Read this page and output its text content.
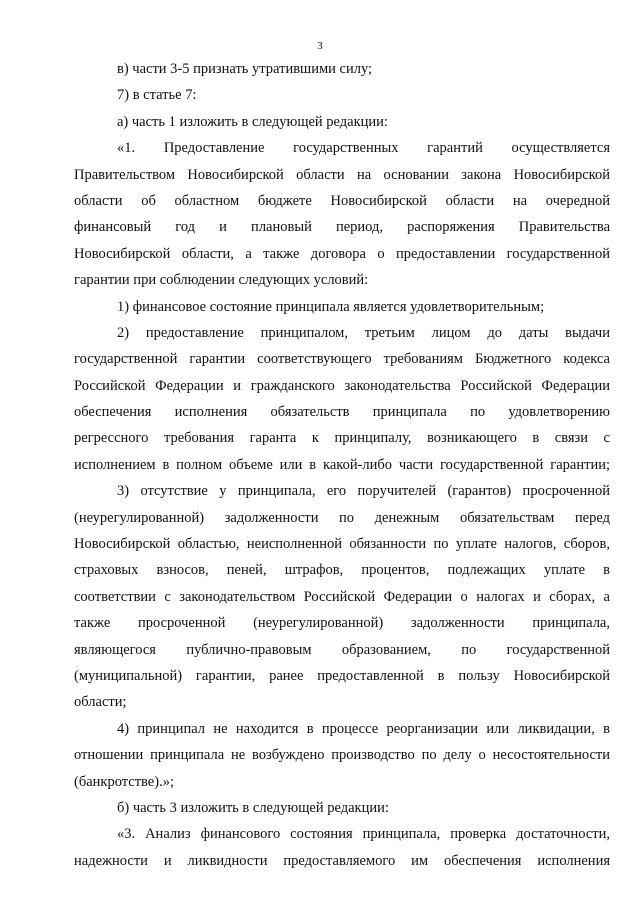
3
в) части 3-5 признать утратившими силу;
7) в статье 7:
а) часть 1 изложить в следующей редакции:
«1. Предоставление государственных гарантий осуществляется
Правительством Новосибирской области на основании закона Новосибирской
области об областном бюджете Новосибирской области на очередной
финансовый год и плановый период, распоряжения Правительства
Новосибирской области, а также договора о предоставлении государственной
гарантии при соблюдении следующих условий:
1) финансовое состояние принципала является удовлетворительным;
2) предоставление принципалом, третьим лицом до даты выдачи
государственной гарантии соответствующего требованиям Бюджетного кодекса
Российской Федерации и гражданского законодательства Российской Федерации
обеспечения исполнения обязательств принципала по удовлетворению
регрессного требования гаранта к принципалу, возникающего в связи с
исполнением в полном объеме или в какой-либо части государственной гарантии;
3) отсутствие у принципала, его поручителей (гарантов) просроченной
(неурегулированной) задолженности по денежным обязательствам перед
Новосибирской областью, неисполненной обязанности по уплате налогов, сборов,
страховых взносов, пеней, штрафов, процентов, подлежащих уплате в
соответствии с законодательством Российской Федерации о налогах и сборах, а
также просроченной (неурегулированной) задолженности принципала,
являющегося публично-правовым образованием, по государственной
(муниципальной) гарантии, ранее предоставленной в пользу Новосибирской
области;
4) принципал не находится в процессе реорганизации или ликвидации, в
отношении принципала не возбуждено производство по делу о несостоятельности
(банкротстве).»;
б) часть 3 изложить в следующей редакции:
«3. Анализ финансового состояния принципала, проверка достаточности,
надежности и ликвидности предоставляемого им обеспечения исполнения
